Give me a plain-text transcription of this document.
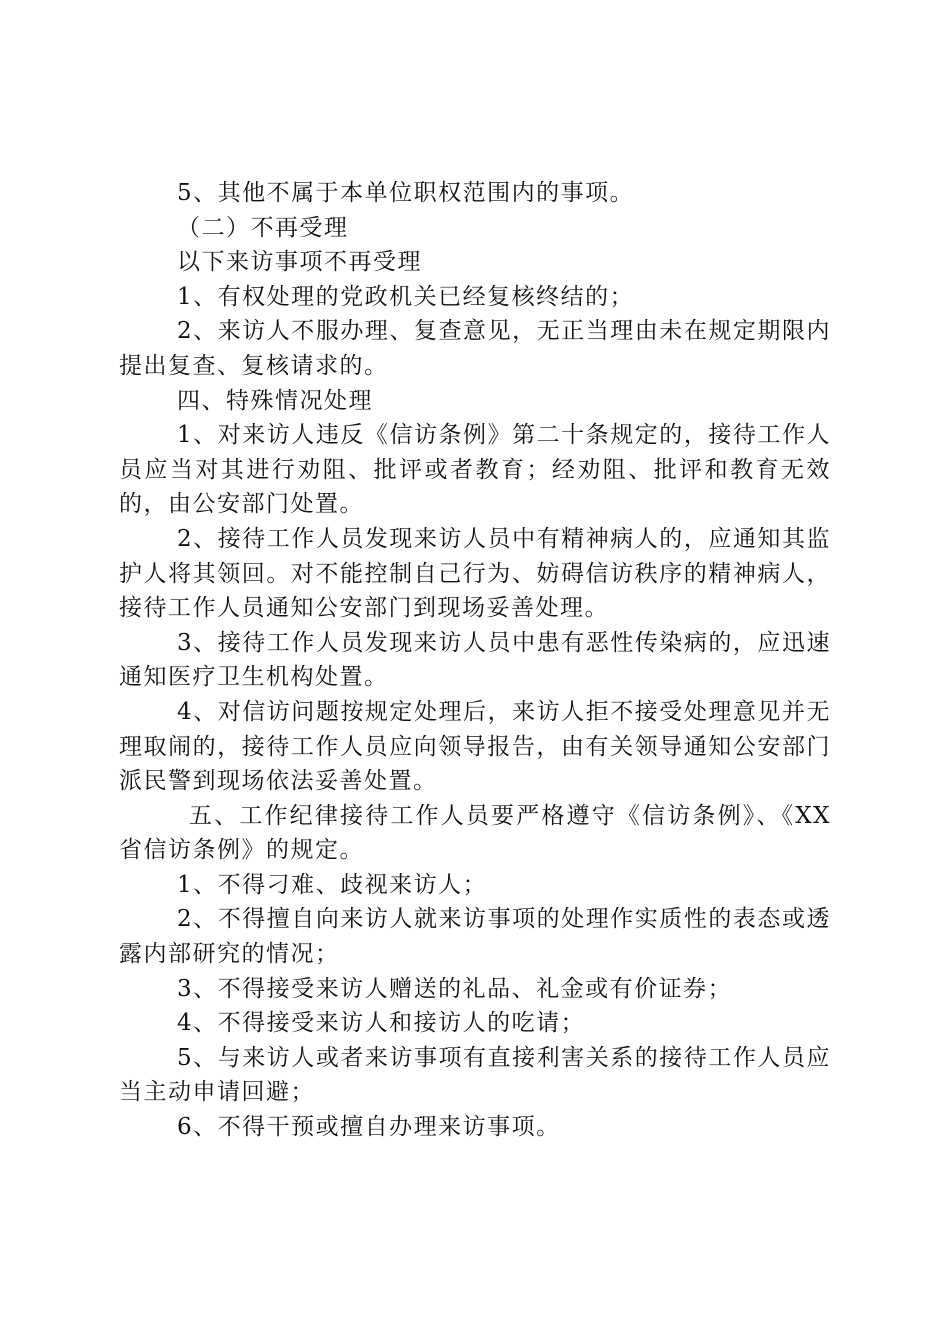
5、其他不属于本单位职权范围内的事项。

（二）不再受理

以下来访事项不再受理

1、有权处理的党政机关已经复核终结的；

2、来访人不服办理、复查意见，无正当理由未在规定期限内提出复查、复核请求的。

四、特殊情况处理

1、对来访人违反《信访条例》第二十条规定的，接待工作人员应当对其进行劝阻、批评或者教育；经劝阻、批评和教育无效的，由公安部门处置。

2、接待工作人员发现来访人员中有精神病人的，应通知其监护人将其领回。对不能控制自己行为、妨碍信访秩序的精神病人，接待工作人员通知公安部门到现场妥善处理。

3、接待工作人员发现来访人员中患有恶性传染病的，应迅速通知医疗卫生机构处置。

4、对信访问题按规定处理后，来访人拒不接受处理意见并无理取闹的，接待工作人员应向领导报告，由有关领导通知公安部门派民警到现场依法妥善处置。

五、工作纪律接待工作人员要严格遵守《信访条例》、《XX省信访条例》的规定。

1、不得刁难、歧视来访人；

2、不得擅自向来访人就来访事项的处理作实质性的表态或透露内部研究的情况；

3、不得接受来访人赠送的礼品、礼金或有价证券；

4、不得接受来访人和接访人的吃请；

5、与来访人或者来访事项有直接利害关系的接待工作人员应当主动申请回避；

6、不得干预或擅自办理来访事项。
